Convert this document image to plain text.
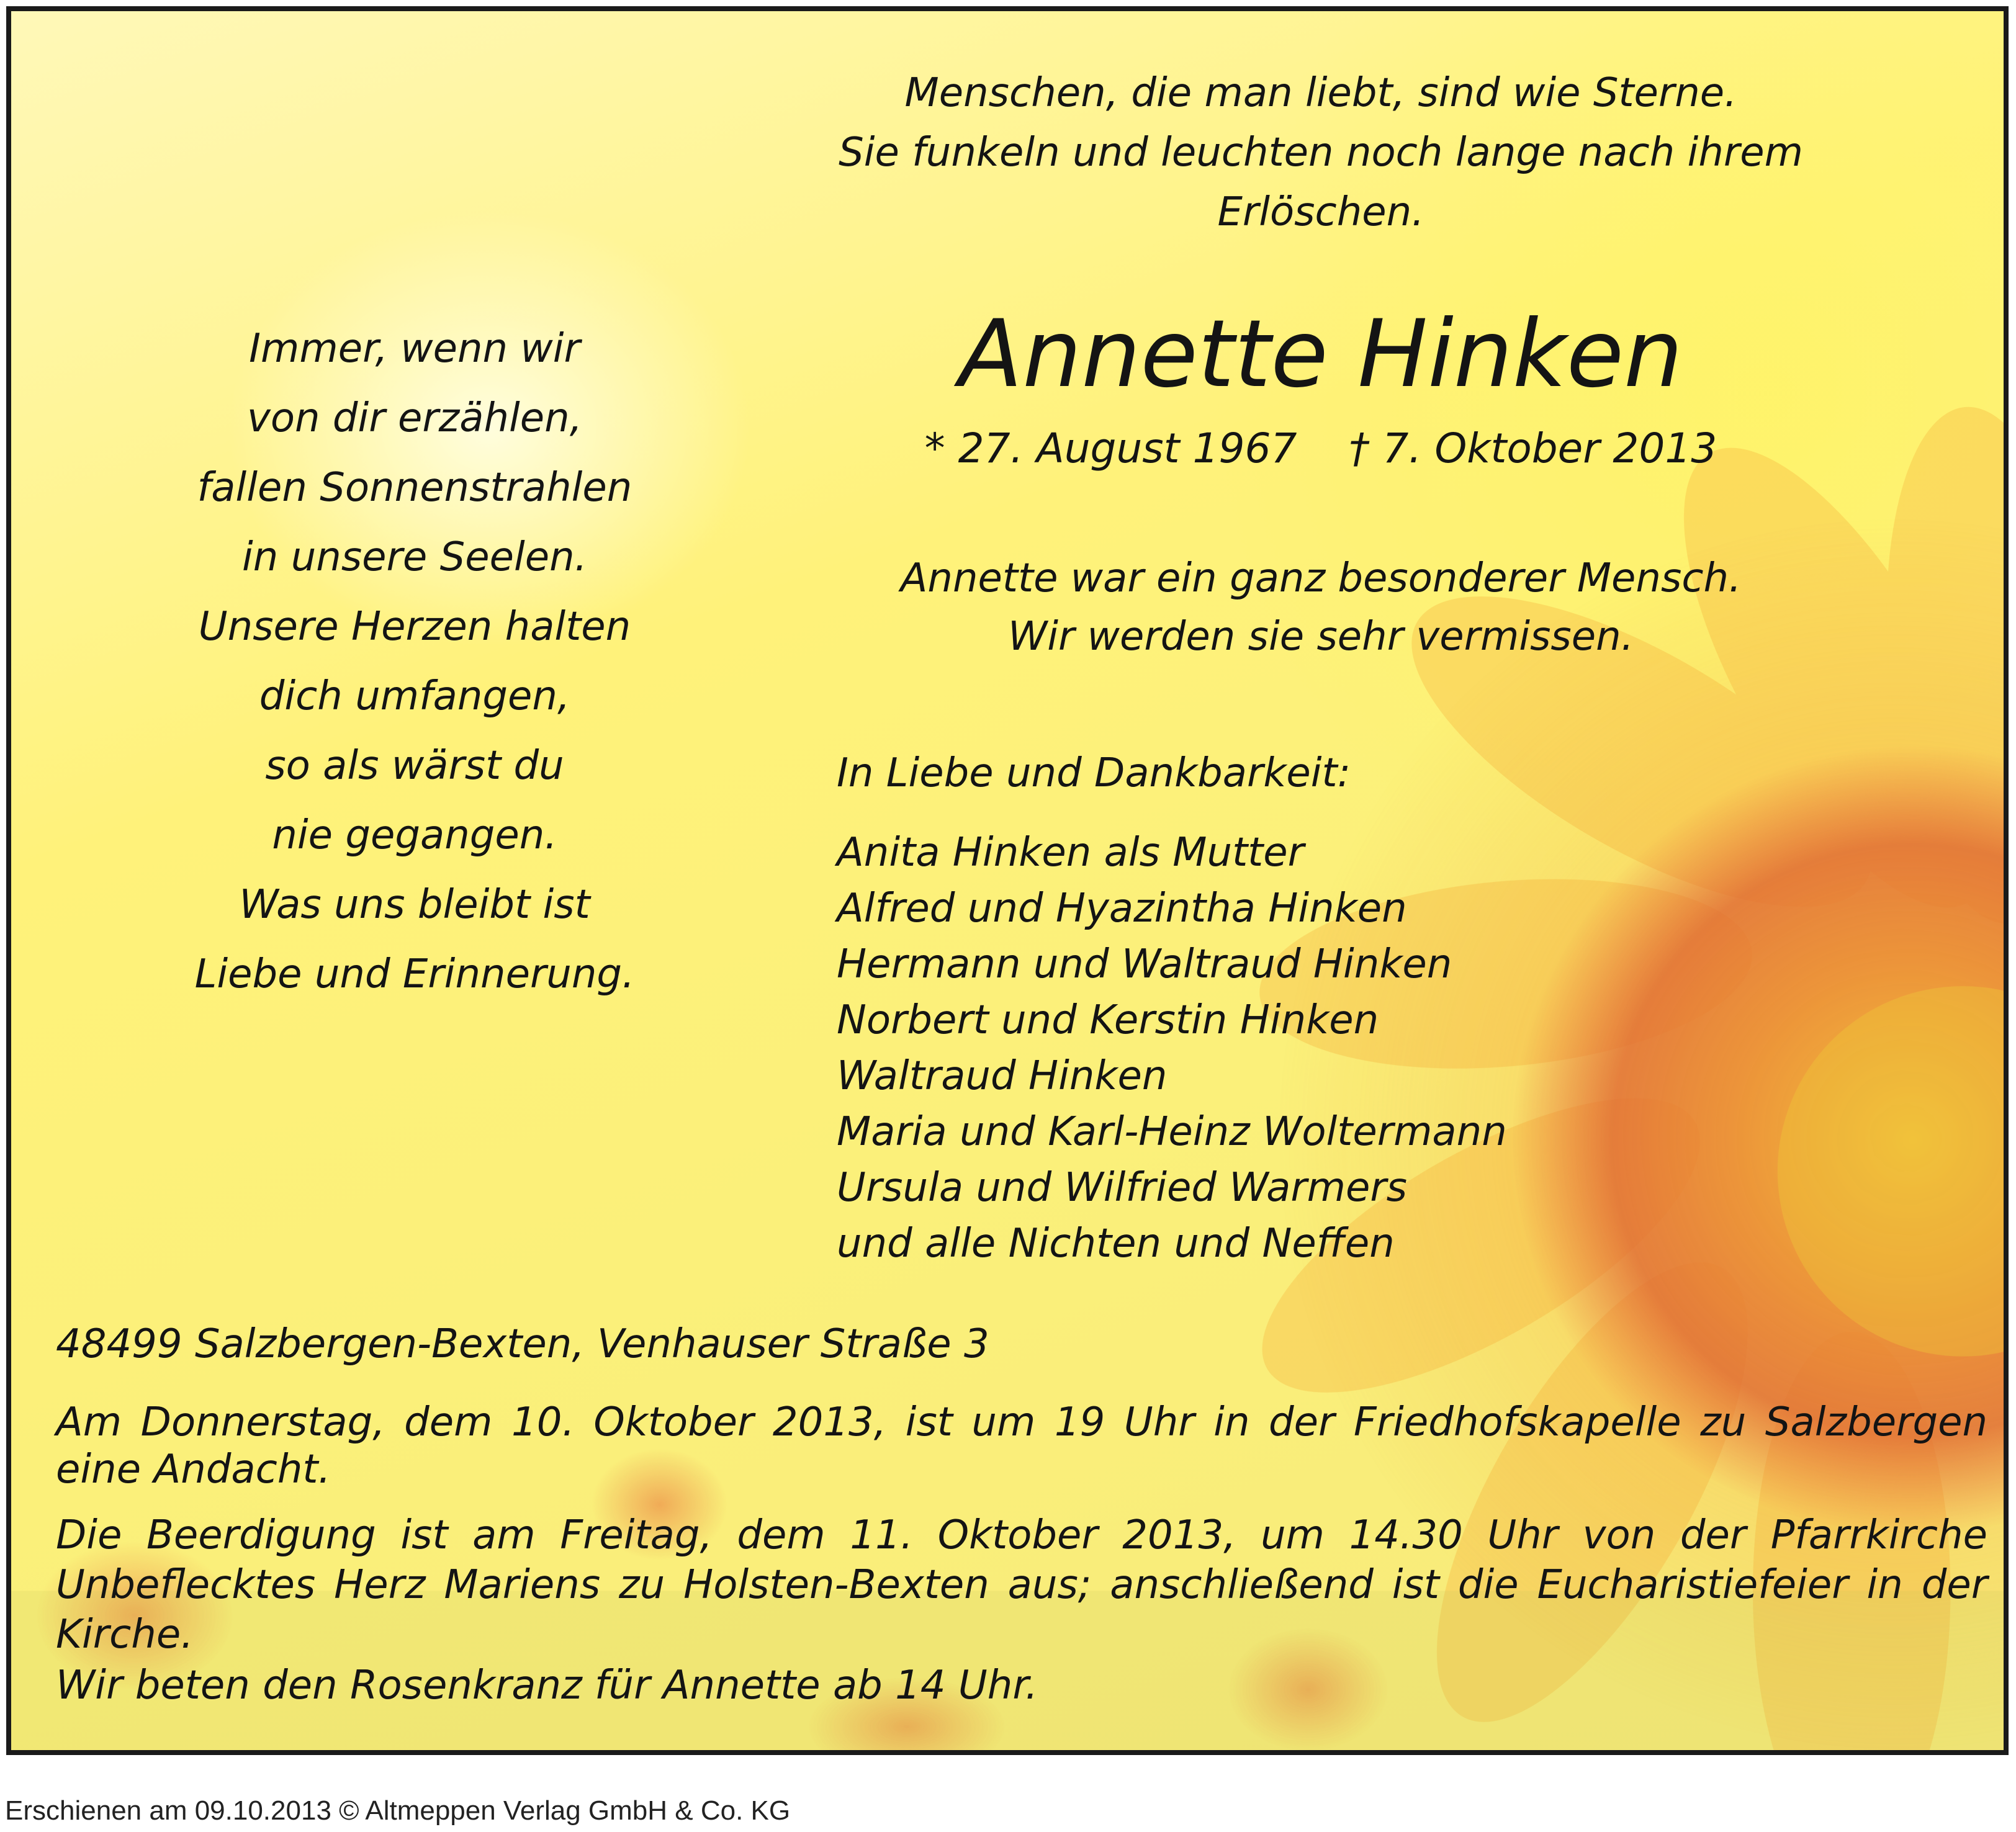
Menschen, die man liebt, sind wie Sterne.

Sie funkeln und leuchten noch lange nach ihrem

Erlöschen.

Immer, wenn wir

von dir erzählen,

fallen Sonnenstrahlen

in unsere Seelen.

Unsere Herzen halten

dich umfangen,

so als wärst du

nie gegangen.

Was uns bleibt ist

Liebe und Erinnerung.

Annette Hinken

* 27. August 1967    † 7. Oktober 2013

Annette war ein ganz besonderer Mensch.

Wir werden sie sehr vermissen.

In Liebe und Dankbarkeit:

Anita Hinken als Mutter

Alfred und Hyazintha Hinken

Hermann und Waltraud Hinken

Norbert und Kerstin Hinken

Waltraud Hinken

Maria und Karl-Heinz Woltermann

Ursula und Wilfried Warmers

und alle Nichten und Neffen

48499 Salzbergen-Bexten, Venhauser Straße 3

Am Donnerstag, dem 10. Oktober 2013, ist um 19 Uhr in der Friedhofskapelle zu Salzbergen

eine Andacht.

Die Beerdigung ist am Freitag, dem 11. Oktober 2013, um 14.30 Uhr von der Pfarrkirche

Unbeflecktes Herz Mariens zu Holsten-Bexten aus; anschließend ist die Eucharistiefeier in der

Kirche.

Wir beten den Rosenkranz für Annette ab 14 Uhr.

Erschienen am 09.10.2013 © Altmeppen Verlag GmbH & Co. KG
